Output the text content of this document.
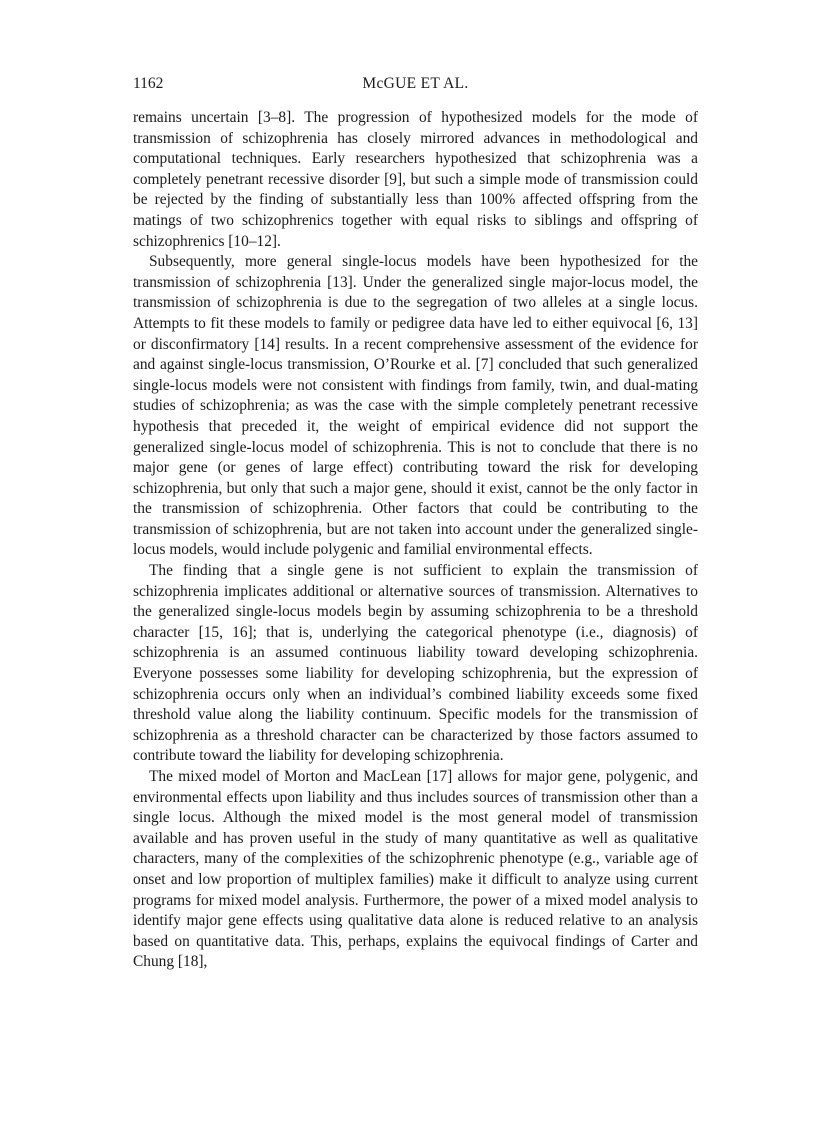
1162	McGUE ET AL.

remains uncertain [3–8]. The progression of hypothesized models for the mode of transmission of schizophrenia has closely mirrored advances in methodological and computational techniques. Early researchers hypothesized that schizophrenia was a completely penetrant recessive disorder [9], but such a simple mode of transmission could be rejected by the finding of substantially less than 100% affected offspring from the matings of two schizophrenics together with equal risks to siblings and offspring of schizophrenics [10–12].

Subsequently, more general single-locus models have been hypothesized for the transmission of schizophrenia [13]. Under the generalized single major-locus model, the transmission of schizophrenia is due to the segregation of two alleles at a single locus. Attempts to fit these models to family or pedigree data have led to either equivocal [6, 13] or disconfirmatory [14] results. In a recent comprehensive assessment of the evidence for and against single-locus transmission, O’Rourke et al. [7] concluded that such generalized single-locus models were not consistent with findings from family, twin, and dual-mating studies of schizophrenia; as was the case with the simple completely penetrant recessive hypothesis that preceded it, the weight of empirical evidence did not support the generalized single-locus model of schizophrenia. This is not to conclude that there is no major gene (or genes of large effect) contributing toward the risk for developing schizophrenia, but only that such a major gene, should it exist, cannot be the only factor in the transmission of schizophrenia. Other factors that could be contributing to the transmission of schizophrenia, but are not taken into account under the generalized single-locus models, would include polygenic and familial environmental effects.

The finding that a single gene is not sufficient to explain the transmission of schizophrenia implicates additional or alternative sources of transmission. Alternatives to the generalized single-locus models begin by assuming schizophrenia to be a threshold character [15, 16]; that is, underlying the categorical phenotype (i.e., diagnosis) of schizophrenia is an assumed continuous liability toward developing schizophrenia. Everyone possesses some liability for developing schizophrenia, but the expression of schizophrenia occurs only when an individual’s combined liability exceeds some fixed threshold value along the liability continuum. Specific models for the transmission of schizophrenia as a threshold character can be characterized by those factors assumed to contribute toward the liability for developing schizophrenia.

The mixed model of Morton and MacLean [17] allows for major gene, polygenic, and environmental effects upon liability and thus includes sources of transmission other than a single locus. Although the mixed model is the most general model of transmission available and has proven useful in the study of many quantitative as well as qualitative characters, many of the complexities of the schizophrenic phenotype (e.g., variable age of onset and low proportion of multiplex families) make it difficult to analyze using current programs for mixed model analysis. Furthermore, the power of a mixed model analysis to identify major gene effects using qualitative data alone is reduced relative to an analysis based on quantitative data. This, perhaps, explains the equivocal findings of Carter and Chung [18],
